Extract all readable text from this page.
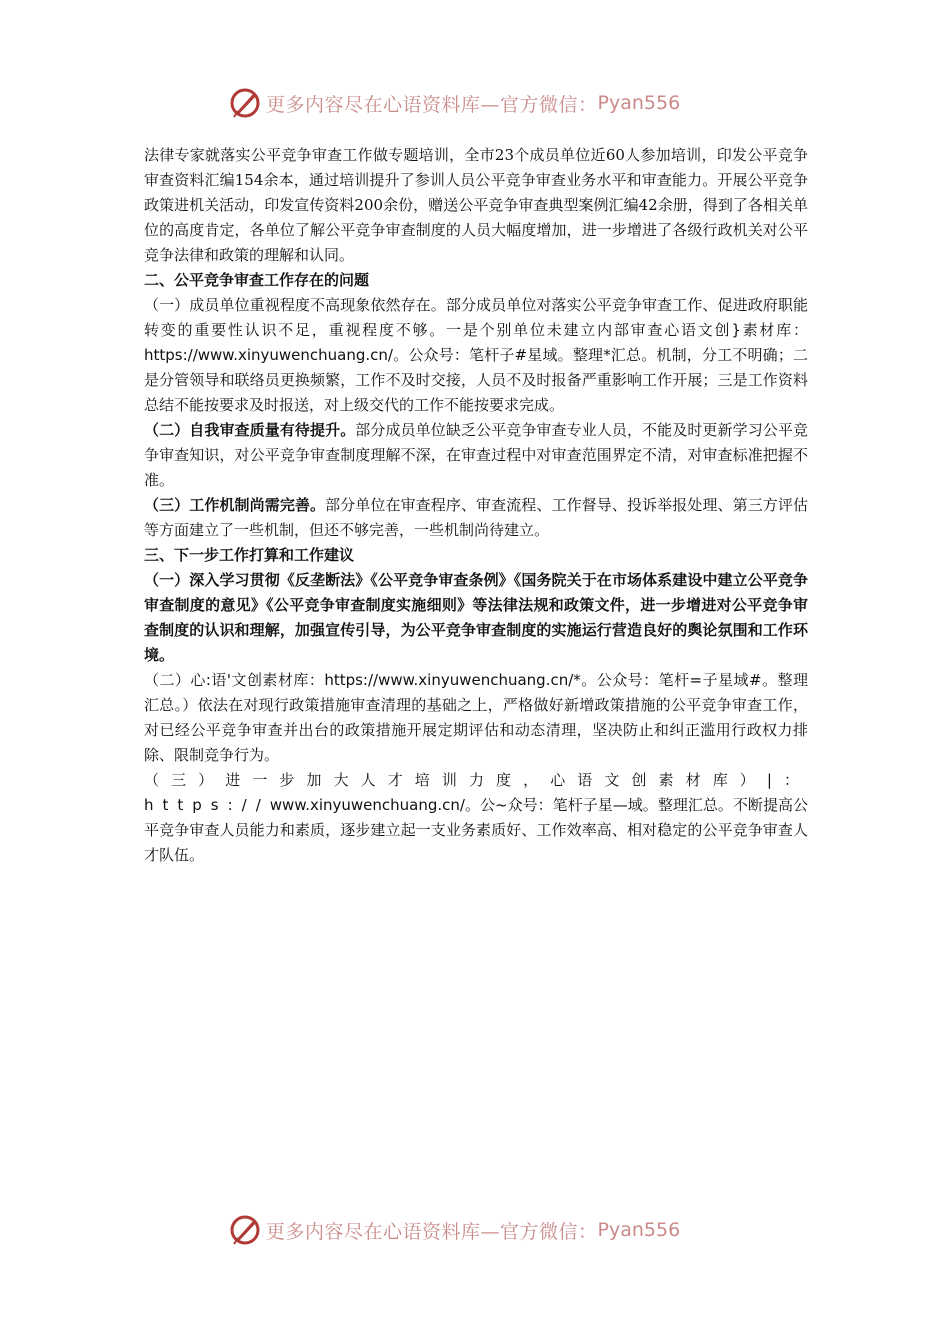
更多内容尽在心语资料库—官方微信： Pyan556

法律专家就落实公平竞争审查工作做专题培训，全市23个成员单位近60人参加培训，印发公平竞争审查资料汇编154余本，通过培训提升了参训人员公平竞争审查业务水平和审查能力。开展公平竞争政策进机关活动，印发宣传资料200余份，赠送公平竞争审查典型案例汇编42余册，得到了各相关单位的高度肯定，各单位了解公平竞争审查制度的人员大幅度增加，进一步增进了各级行政机关对公平竞争法律和政策的理解和认同。

二、公平竞争审查工作存在的问题

（一）成员单位重视程度不高现象依然存在。部分成员单位对落实公平竞争审查工作、促进政府职能转变的重要性认识不足，重视程度不够。一是个别单位未建立内部审查心语文创}素材库：https://www.xinyuwenchuang.cn/。公众号：笔杆子#星域。整理*汇总。机制，分工不明确；二是分管领导和联络员更换频繁，工作不及时交接，人员不及时报备严重影响工作开展；三是工作资料总结不能按要求及时报送，对上级交代的工作不能按要求完成。

（二）自我审查质量有待提升。部分成员单位缺乏公平竞争审查专业人员，不能及时更新学习公平竞争审查知识，对公平竞争审查制度理解不深，在审查过程中对审查范围界定不清，对审查标准把握不准。

（三）工作机制尚需完善。部分单位在审查程序、审查流程、工作督导、投诉举报处理、第三方评估等方面建立了一些机制，但还不够完善，一些机制尚待建立。

三、下一步工作打算和工作建议

（一）深入学习贯彻《反垄断法》《公平竞争审查条例》《国务院关于在市场体系建设中建立公平竞争审查制度的意见》《公平竞争审查制度实施细则》等法律法规和政策文件，进一步增进对公平竞争审查制度的认识和理解，加强宣传引导，为公平竞争审查制度的实施运行营造良好的舆论氛围和工作环境。

（二）心:语'文创素材库：https://www.xinyuwenchuang.cn/*。公众号：笔杆=子星域#。整理汇总。）依法在对现行政策措施审查清理的基础之上，严格做好新增政策措施的公平竞争审查工作，对已经公平竞争审查并出台的政策措施开展定期评估和动态清理，坚决防止和纠正滥用行政权力排除、限制竞争行为。

（三）进一步加大人才培训力度，心语文创素材库）|：https://www.xinyuwenchuang.cn/。公~众号：笔杆子星—域。整理汇总。不断提高公平竞争审查人员能力和素质，逐步建立起一支业务素质好、工作效率高、相对稳定的公平竞争审查人才队伍。

更多内容尽在心语资料库—官方微信： Pyan556
